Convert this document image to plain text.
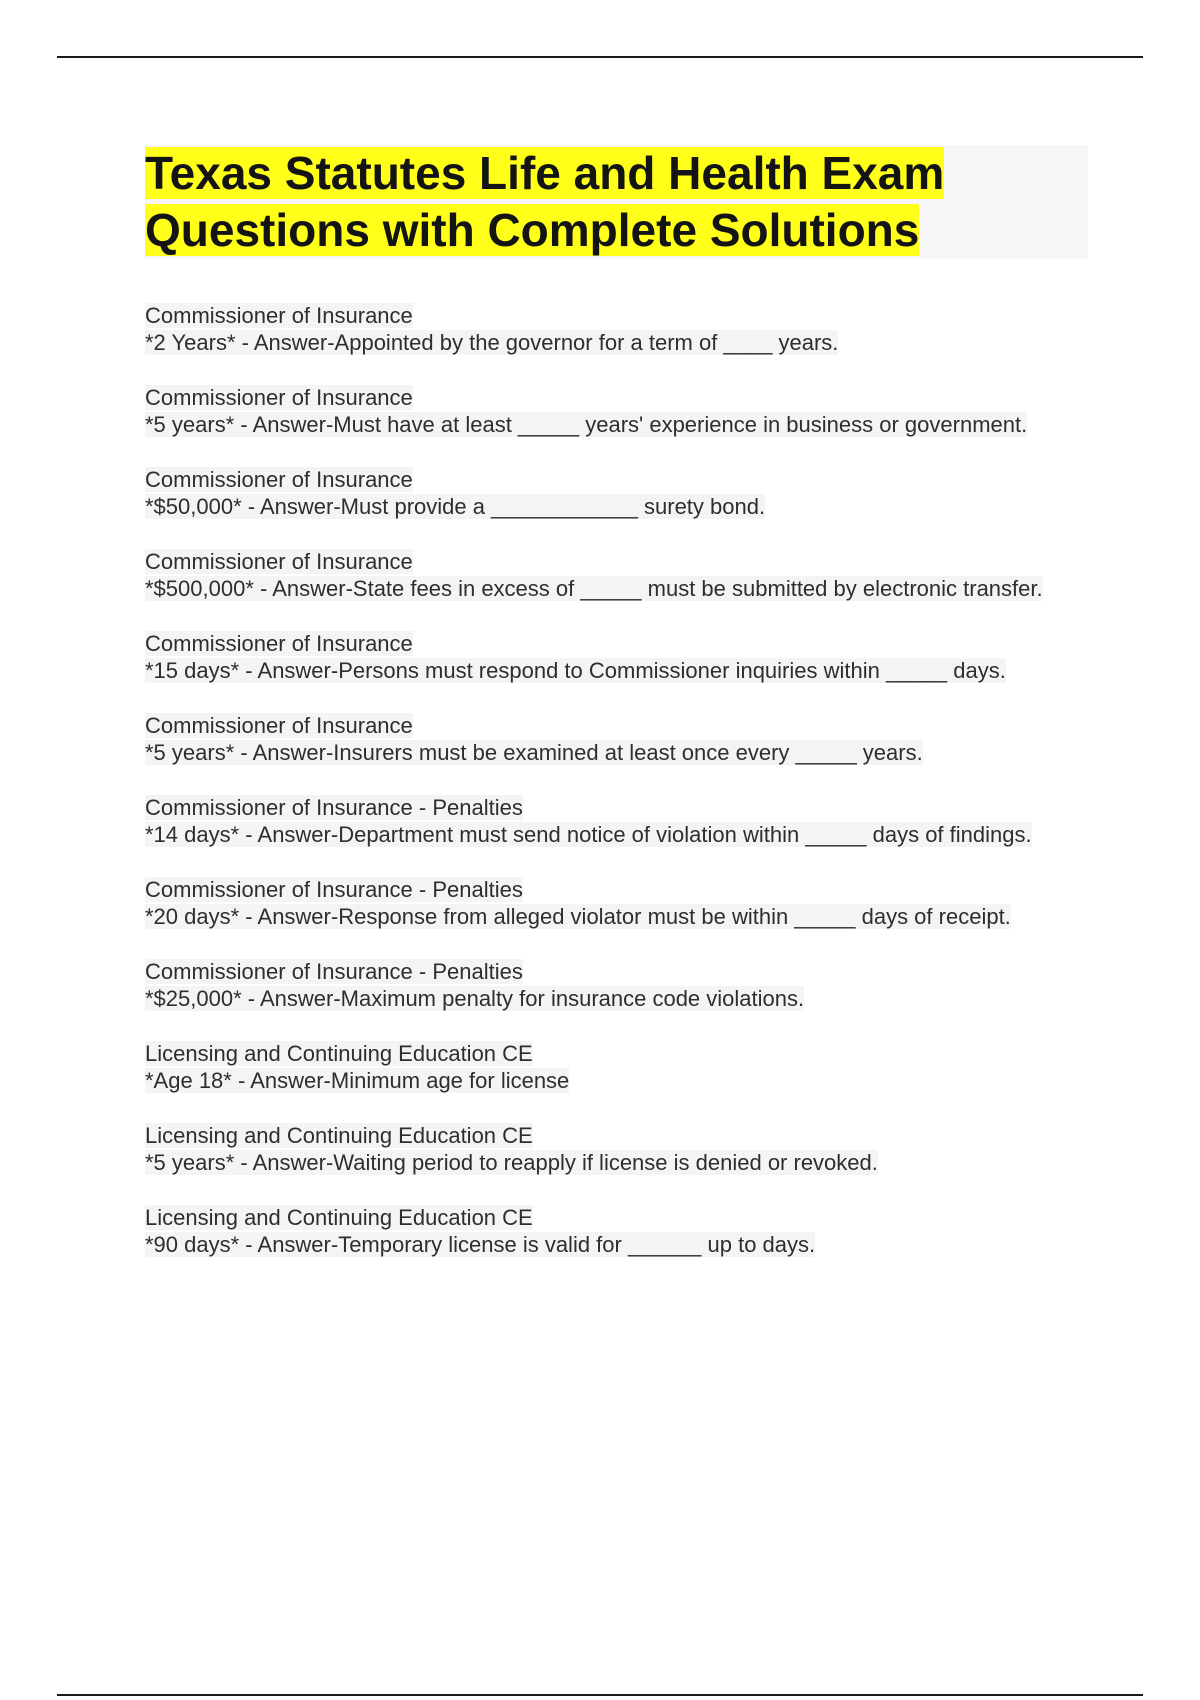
Texas Statutes Life and Health Exam
Questions with Complete Solutions
Commissioner of Insurance
*2 Years* - Answer-Appointed by the governor for a term of ____ years.
Commissioner of Insurance
*5 years* - Answer-Must have at least _____ years' experience in business or government.
Commissioner of Insurance
*$50,000* - Answer-Must provide a ____________ surety bond.
Commissioner of Insurance
*$500,000* - Answer-State fees in excess of _____ must be submitted by electronic transfer.
Commissioner of Insurance
*15 days* - Answer-Persons must respond to Commissioner inquiries within _____ days.
Commissioner of Insurance
*5 years* - Answer-Insurers must be examined at least once every _____ years.
Commissioner of Insurance - Penalties
*14 days* - Answer-Department must send notice of violation within _____ days of findings.
Commissioner of Insurance - Penalties
*20 days* - Answer-Response from alleged violator must be within _____ days of receipt.
Commissioner of Insurance - Penalties
*$25,000* - Answer-Maximum penalty for insurance code violations.
Licensing and Continuing Education CE
*Age 18* - Answer-Minimum age for license
Licensing and Continuing Education CE
*5 years* - Answer-Waiting period to reapply if license is denied or revoked.
Licensing and Continuing Education CE
*90 days* - Answer-Temporary license is valid for ______ up to days.
